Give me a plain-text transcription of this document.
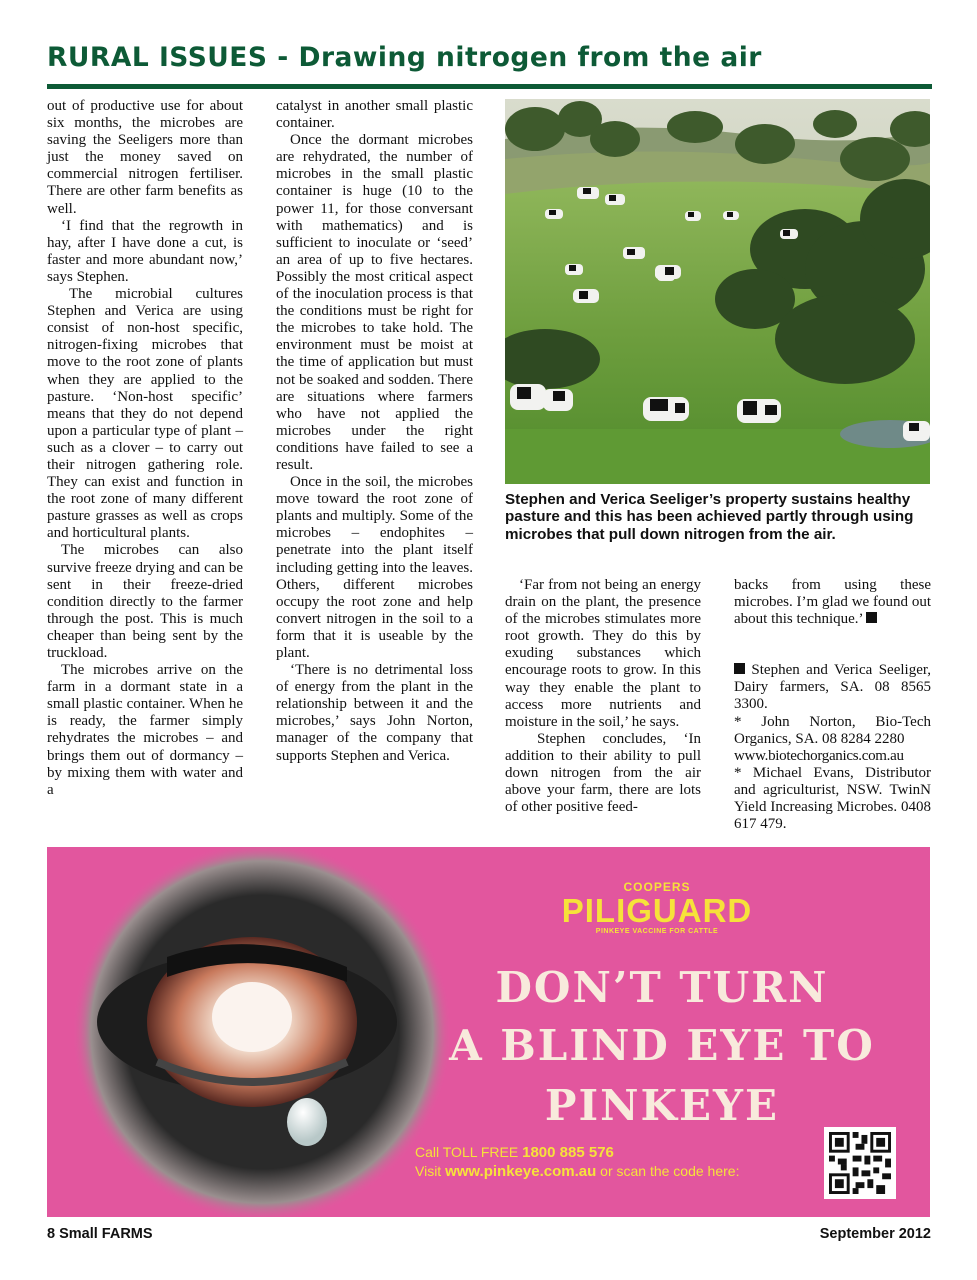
RURAL ISSUES - Drawing nitrogen from the air

out of productive use for about six months, the microbes are saving the Seeligers more than just the money saved on commercial nitrogen fertiliser. There are other farm benefits as well.

‘I find that the regrowth in hay, after I have done a cut, is faster and more abundant now,’ says Stephen.

The microbial cultures Stephen and Verica are using consist of non-host specific, nitrogen-fixing microbes that move to the root zone of plants when they are applied to the pasture. ‘Non-host specific’ means that they do not depend upon a particular type of plant – such as a clover – to carry out their nitrogen gathering role. They can exist and function in the root zone of many different pasture grasses as well as crops and horticultural plants.

The microbes can also survive freeze drying and can be sent in their freeze-dried condition directly to the farmer through the post. This is much cheaper than being sent by the truckload.

The microbes arrive on the farm in a dormant state in a small plastic container. When he is ready, the farmer simply rehydrates the microbes – and brings them out of dormancy – by mixing them with water and a

catalyst in another small plastic container.

Once the dormant microbes are rehydrated, the number of microbes in the small plastic container is huge (10 to the power 11, for those conversant with mathematics) and is sufficient to inoculate or ‘seed’ an area of up to five hectares. Possibly the most critical aspect of the inoculation process is that the conditions must be right for the microbes to take hold. The environment must be moist at the time of application but must not be soaked and sodden. There are situations where farmers who have not applied the microbes under the right conditions have failed to see a result.

Once in the soil, the microbes move toward the root zone of plants and multiply. Some of the microbes – endophites – penetrate into the plant itself including getting into the leaves. Others, different microbes occupy the root zone and help convert nitrogen in the soil to a form that it is useable by the plant.

‘There is no detrimental loss of energy from the plant in the relationship between it and the microbes,’ says John Norton, manager of the company that supports Stephen and Verica.

Stephen and Verica Seeliger’s property sustains healthy pasture and this has been achieved partly through using microbes that pull down nitrogen from the air.

‘Far from not being an energy drain on the plant, the presence of the microbes stimulates more root growth. They do this by exuding substances which encourage roots to grow. In this way they enable the plant to access more nutrients and moisture in the soil,’ he says.

Stephen concludes, ‘In addition to their ability to pull down nitrogen from the air above your farm, there are lots of other positive feed-

backs from using these microbes. I’m glad we found out about this technique.’

Stephen and Verica Seeliger, Dairy farmers, SA. 08 8565 3300.

* John Norton, Bio-Tech Organics, SA. 08 8284 2280

www.biotechorganics.com.au

* Michael Evans, Distributor and agriculturist, NSW. TwinN Yield Increasing Microbes. 0408 617 479.

COOPERS
PILIGUARD
PINKEYE VACCINE FOR CATTLE
DON’T TURN
A BLIND EYE TO
PINKEYE
Call TOLL FREE 1800 885 576
Visit www.pinkeye.com.au or scan the code here:
8 Small FARMS	September 2012
